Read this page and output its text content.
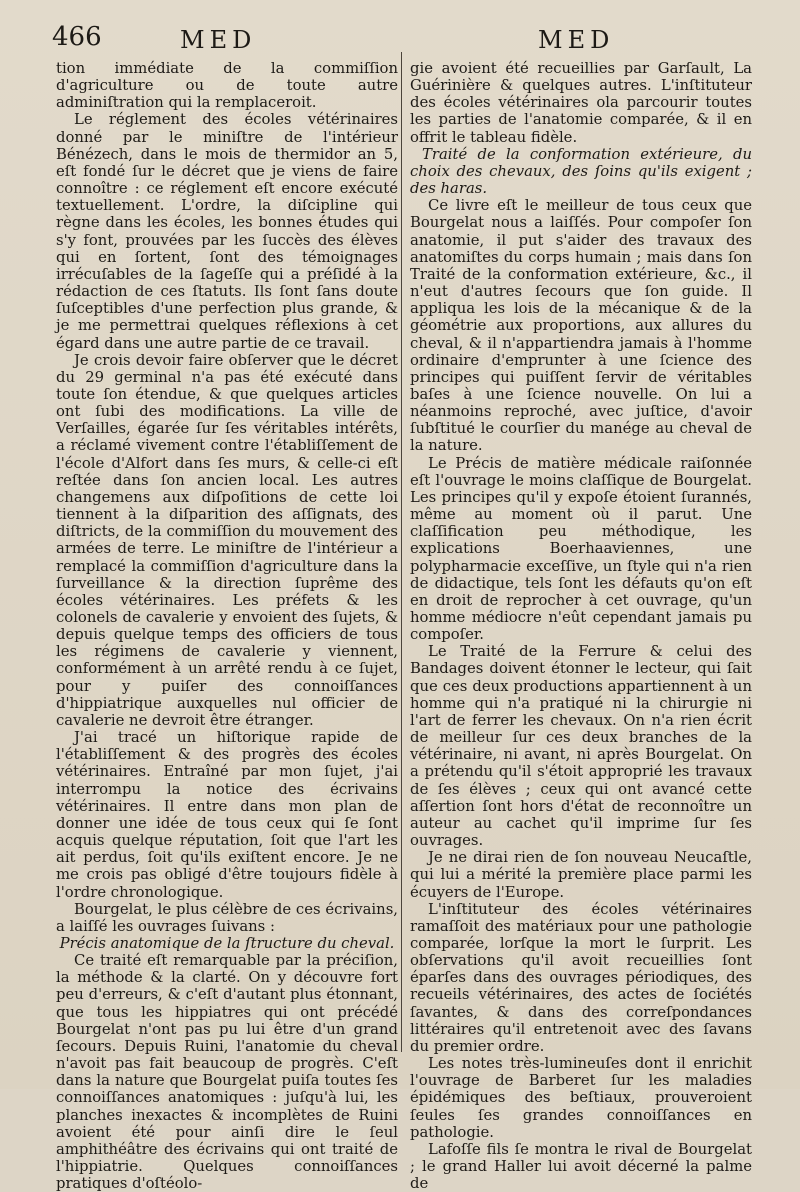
466	MED	MED

tion immédiate de la commiſſion d'agriculture ou de toute autre adminiſtration qui la remplaceroit.

Le réglement des écoles vétérinaires donné par le miniſtre de l'intérieur Bénézech, dans le mois de thermidor an 5, eſt fondé ſur le décret que je viens de faire connoître : ce réglement eſt encore exécuté textuellement. L'ordre, la diſcipline qui règne dans les écoles, les bonnes études qui s'y font, prouvées par les ſuccès des élèves qui en ſortent, ſont des témoignages irrécuſables de la ſageſſe qui a préſidé à la rédaction de ces ſtatuts. Ils ſont ſans doute ſuſceptibles d'une perfection plus grande, & je me permettrai quelques réflexions à cet égard dans une autre partie de ce travail.

Je crois devoir faire obſerver que le décret du 29 germinal n'a pas été exécuté dans toute ſon étendue, & que quelques articles ont ſubi des modifications. La ville de Verſailles, égarée ſur ſes véritables intérêts, a réclamé vivement contre l'établiſſement de l'école d'Alfort dans ſes murs, & celle-ci eſt reſtée dans ſon ancien local. Les autres changemens aux diſpoſitions de cette loi tiennent à la diſparition des aſſignats, des diſtricts, de la commiſſion du mouvement des armées de terre. Le miniſtre de l'intérieur a remplacé la commiſſion d'agriculture dans la ſurveillance & la direction ſuprême des écoles vétérinaires. Les préfets & les colonels de cavalerie y envoient des ſujets, & depuis quelque temps des officiers de tous les régimens de cavalerie y viennent, conformément à un arrêté rendu à ce ſujet, pour y puiſer des connoiſſances d'hippiatrique auxquelles nul officier de cavalerie ne devroit être étranger.

J'ai tracé un hiſtorique rapide de l'établiſſement & des progrès des écoles vétérinaires. Entraîné par mon ſujet, j'ai interrompu la notice des écrivains vétérinaires. Il entre dans mon plan de donner une idée de tous ceux qui ſe ſont acquis quelque réputation, ſoit que l'art les ait perdus, ſoit qu'ils exiſtent encore. Je ne me crois pas obligé d'être toujours fidèle à l'ordre chronologique.

Bourgelat, le plus célèbre de ces écrivains, a laiſſé les ouvrages ſuivans :

Précis anatomique de la ſtructure du cheval.

Ce traité eſt remarquable par la préciſion, la méthode & la clarté. On y découvre fort peu d'erreurs, & c'eſt d'autant plus étonnant, que tous les hippiatres qui ont précédé Bourgelat n'ont pas pu lui être d'un grand ſecours. Depuis Ruini, l'anatomie du cheval n'avoit pas fait beaucoup de progrès. C'eſt dans la nature que Bourgelat puiſa toutes ſes connoiſſances anatomiques : juſqu'à lui, les planches inexactes & incomplètes de Ruini avoient été pour ainſi dire le ſeul amphithéâtre des écrivains qui ont traité de l'hippiatrie. Quelques connoiſſances pratiques d'oſtéolo-

gie avoient été recueillies par Garſault, La Guérinière & quelques autres. L'inſtituteur des écoles vétérinaires ola parcourir toutes les parties de l'anatomie comparée, & il en offrit le tableau fidèle.

Traité de la conformation extérieure, du choix des chevaux, des ſoins qu'ils exigent ; des haras.

Ce livre eſt le meilleur de tous ceux que Bourgelat nous a laiſſés. Pour compoſer ſon anatomie, il put s'aider des travaux des anatomiſtes du corps humain ; mais dans ſon Traité de la conformation extérieure, &c., il n'eut d'autres ſecours que ſon guide. Il appliqua les lois de la mécanique & de la géométrie aux proportions, aux allures du cheval, & il n'appartiendra jamais à l'homme ordinaire d'emprunter à une ſcience des principes qui puiſſent ſervir de véritables baſes à une ſcience nouvelle. On lui a néanmoins reproché, avec juſtice, d'avoir ſubſtitué le courſier du manége au cheval de la nature.

Le Précis de matière médicale raiſonnée eſt l'ouvrage le moins claſſique de Bourgelat. Les principes qu'il y expoſe étoient ſurannés, même au moment où il parut. Une claſſification peu méthodique, les explications Boerhaaviennes, une polypharmacie exceſſive, un ſtyle qui n'a rien de didactique, tels ſont les défauts qu'on eſt en droit de reprocher à cet ouvrage, qu'un homme médiocre n'eût cependant jamais pu compoſer.

Le Traité de la Ferrure & celui des Bandages doivent étonner le lecteur, qui ſait que ces deux productions appartiennent à un homme qui n'a pratiqué ni la chirurgie ni l'art de ferrer les chevaux. On n'a rien écrit de meilleur ſur ces deux branches de la vétérinaire, ni avant, ni après Bourgelat. On a prétendu qu'il s'étoit approprié les travaux de ſes élèves ; ceux qui ont avancé cette aſſertion ſont hors d'état de reconnoître un auteur au cachet qu'il imprime ſur ſes ouvrages.

Je ne dirai rien de ſon nouveau Neucaſtle, qui lui a mérité la première place parmi les écuyers de l'Europe.

L'inſtituteur des écoles vétérinaires ramaſſoit des matériaux pour une pathologie comparée, lorſque la mort le ſurprit. Les obſervations qu'il avoit recueillies ſont éparſes dans des ouvrages périodiques, des recueils vétérinaires, des actes de ſociétés ſavantes, & dans des correſpondances littéraires qu'il entretenoit avec des ſavans du premier ordre.

Les notes très-lumineuſes dont il enrichit l'ouvrage de Barberet ſur les maladies épidémiques des beſtiaux, prouveroient ſeules ſes grandes connoiſſances en pathologie.

Lafoſſe fils ſe montra le rival de Bourgelat ; le grand Haller lui avoit décerné la palme de
